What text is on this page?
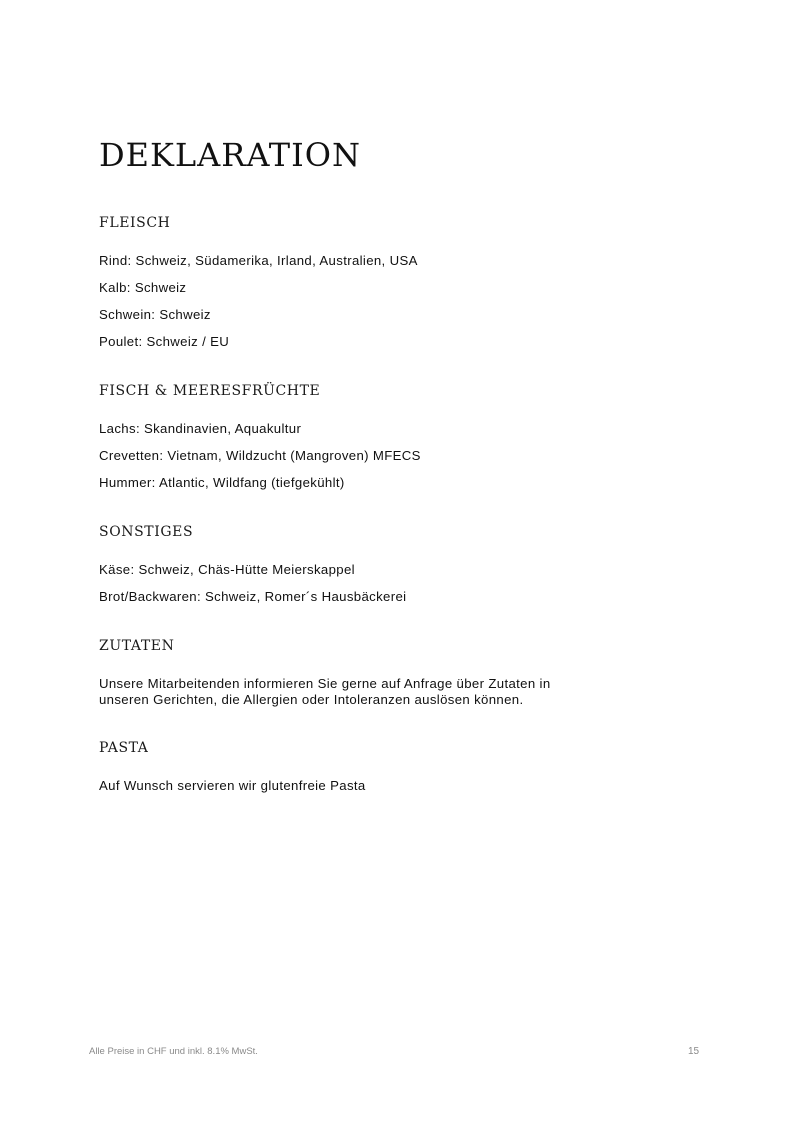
DEKLARATION
FLEISCH

Rind: Schweiz, Südamerika, Irland, Australien, USA

Kalb: Schweiz

Schwein: Schweiz

Poulet: Schweiz / EU

FISCH & MEERESFRÜCHTE

Lachs: Skandinavien, Aquakultur

Crevetten: Vietnam, Wildzucht (Mangroven) MFECS

Hummer: Atlantic, Wildfang (tiefgekühlt)

SONSTIGES

Käse: Schweiz, Chäs-Hütte Meierskappel

Brot/Backwaren: Schweiz, Romer´s Hausbäckerei

ZUTATEN

Unsere Mitarbeitenden informieren Sie gerne auf Anfrage über Zutaten in unseren Gerichten, die Allergien oder Intoleranzen auslösen können.

PASTA

Auf Wunsch servieren wir glutenfreie Pasta

Alle Preise in CHF und inkl. 8.1% MwSt.	15
